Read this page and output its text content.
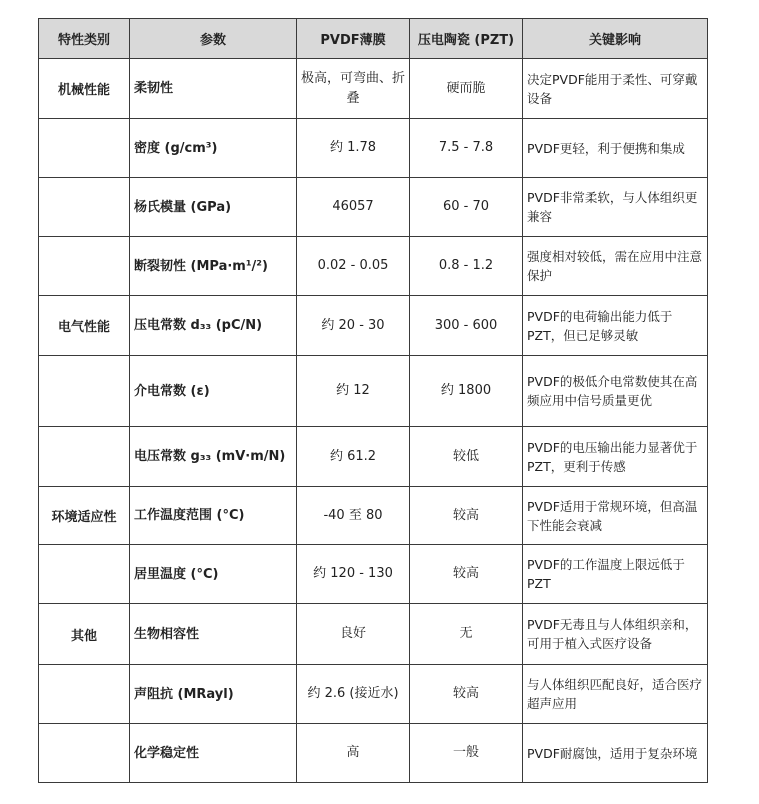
特性类别	参数	PVDF薄膜	压电陶瓷 (PZT)	关键影响
机械性能	柔韧性	极高，可弯曲、折叠	硬而脆	决定PVDF能用于柔性、可穿戴设备
	密度 (g/cm³)	约 1.78	7.5 - 7.8	PVDF更轻，利于便携和集成
	杨氏模量 (GPa)	46057	60 - 70	PVDF非常柔软，与人体组织更兼容
	断裂韧性 (MPa·m¹/²)	0.02 - 0.05	0.8 - 1.2	强度相对较低，需在应用中注意保护
电气性能	压电常数 d₃₃ (pC/N)	约 20 - 30	300 - 600	PVDF的电荷输出能力低于PZT，但已足够灵敏
	介电常数 (ε)	约 12	约 1800	PVDF的极低介电常数使其在高频应用中信号质量更优
	电压常数 g₃₃ (mV·m/N)	约 61.2	较低	PVDF的电压输出能力显著优于PZT，更利于传感
环境适应性	工作温度范围 (°C)	-40 至 80	较高	PVDF适用于常规环境，但高温下性能会衰减
	居里温度 (°C)	约 120 - 130	较高	PVDF的工作温度上限远低于PZT
其他	生物相容性	良好	无	PVDF无毒且与人体组织亲和，可用于植入式医疗设备
	声阻抗 (MRayl)	约 2.6 (接近水)	较高	与人体组织匹配良好，适合医疗超声应用
	化学稳定性	高	一般	PVDF耐腐蚀，适用于复杂环境
